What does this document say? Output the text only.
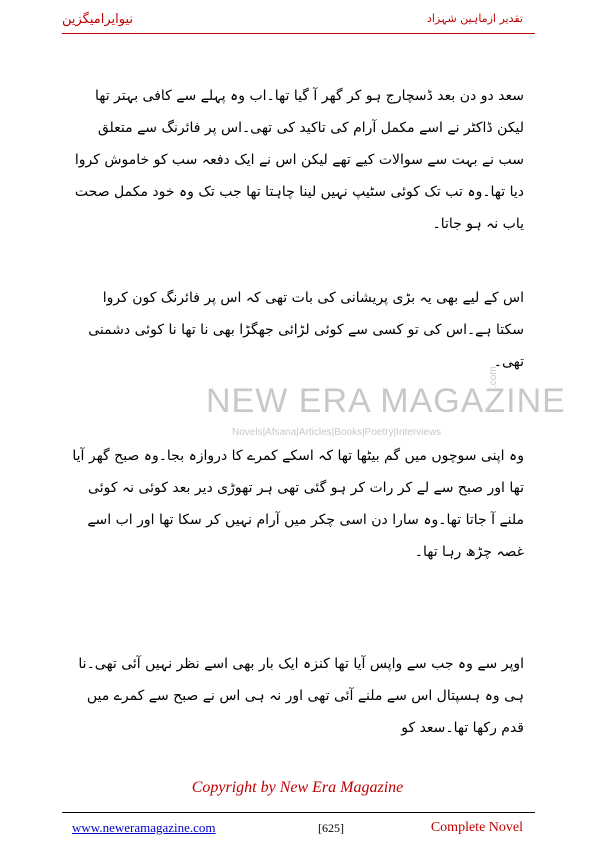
نیوایرامیگزین	تقدیر ازماہین شہزاد
NEW ERA MAGAZINE
.com
Novels|Afsana|Articles|Books|Poetry|Interviews
سعد دو دن بعد ڈسچارج ہو کر گھر آ گیا تھا۔اب وہ پہلے سے کافی بہتر تھا لیکن ڈاکٹر نے اسے مکمل آرام کی تاکید کی تھی۔اس پر فائرنگ سے متعلق سب نے بہت سے سوالات کیے تھے لیکن اس نے ایک دفعہ سب کو خاموش کروا دیا تھا۔وہ تب تک کوئی سٹیپ نہیں لینا چاہتا تھا جب تک وہ خود مکمل صحت یاب نہ ہو جاتا۔
اس کے لیے بھی یہ بڑی پریشانی کی بات تھی کہ اس پر فائرنگ کون کروا سکتا ہے۔اس کی تو کسی سے کوئی لڑائی جھگڑا بھی نا تھا نا کوئی دشمنی تھی۔
وہ اپنی سوچوں میں گم بیٹھا تھا کہ اسکے کمرے کا دروازہ بجا۔وہ صبح گھر آیا تھا اور صبح سے لے کر رات کر ہو گئی تھی ہر تھوڑی دیر بعد کوئی نہ کوئی ملنے آ جاتا تھا۔وہ سارا دن اسی چکر میں آرام نہیں کر سکا تھا اور اب اسے غصہ چڑھ رہا تھا۔
اوپر سے وہ جب سے واپس آیا تھا کنزہ ایک بار بھی اسے نظر نہیں آئی تھی۔نا ہی وہ ہسپتال اس سے ملنے آئی تھی اور نہ ہی اس نے صبح سے کمرے میں قدم رکھا تھا۔سعد کو
Copyright by New Era Magazine
www.neweramagazine.com	[625]	Complete Novel
